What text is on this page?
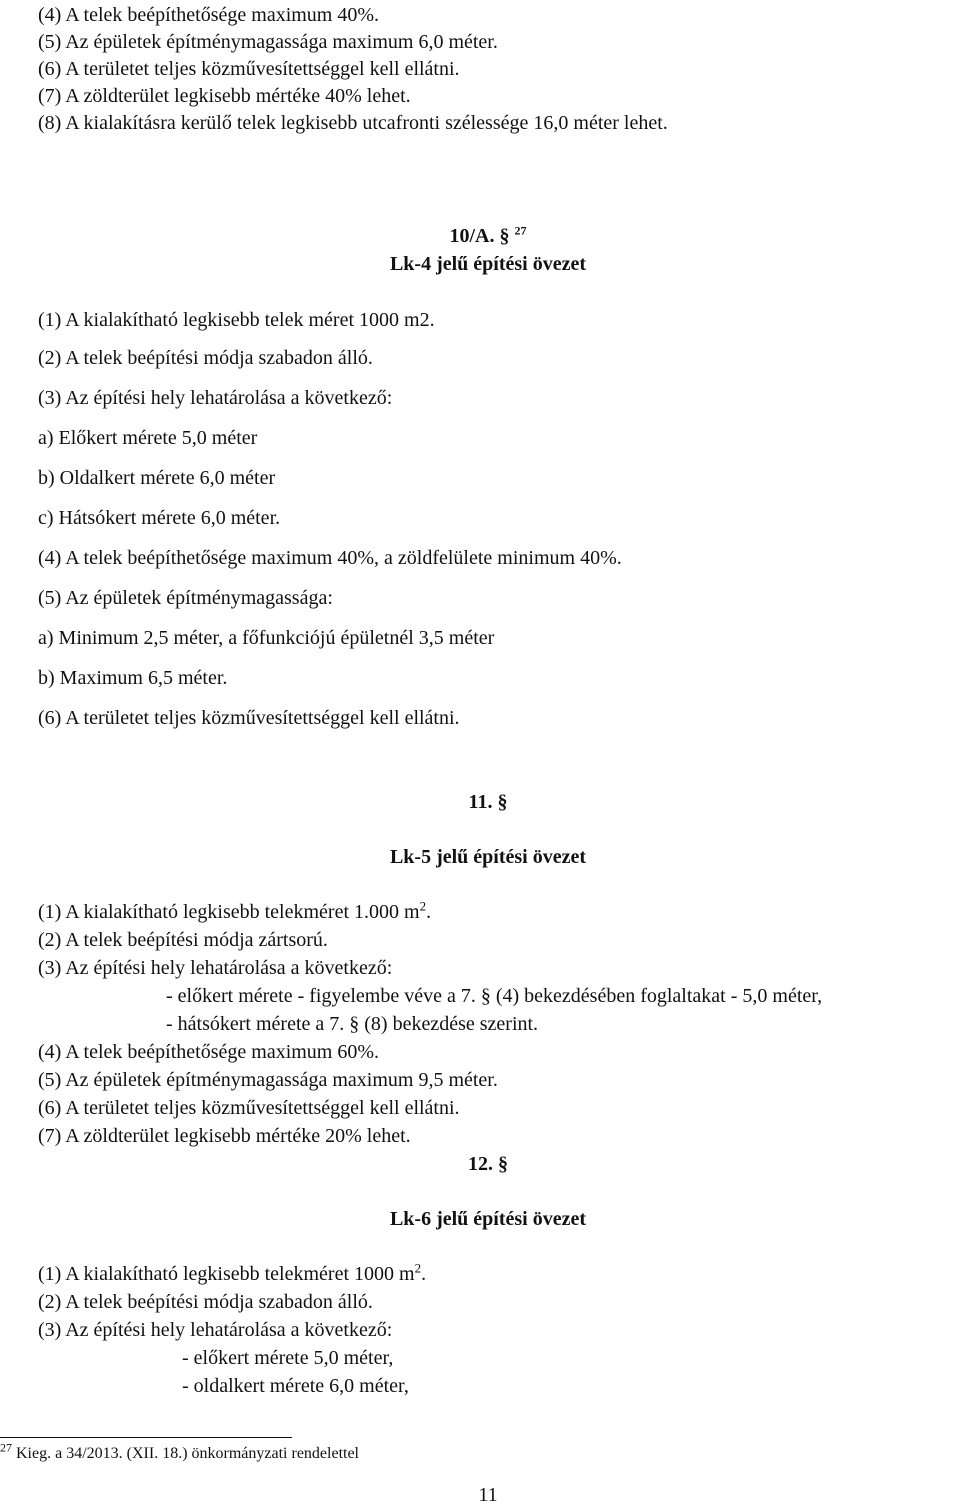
(4) A telek beépíthetősége maximum 40%.
(5) Az épületek építménymagassága maximum 6,0 méter.
(6) A területet teljes közművesítettséggel kell ellátni.
(7) A zöldterület legkisebb mértéke 40% lehet.
(8) A kialakításra kerülő telek legkisebb utcafronti szélessége 16,0 méter lehet.
10/A. § $^{27}$
Lk-4 jelű építési övezet
(1) A kialakítható legkisebb telek méret 1000 m2.
(2) A telek beépítési módja szabadon álló.
(3) Az építési hely lehatárolása a következő:
a) Előkert mérete 5,0 méter
b) Oldalkert mérete 6,0 méter
c) Hátsókert mérete 6,0 méter.
(4) A telek beépíthetősége maximum 40%, a zöldfelülete minimum 40%.
(5) Az épületek építménymagassága:
a) Minimum 2,5 méter, a főfunkciójú épületnél 3,5 méter
b) Maximum 6,5 méter.
(6) A területet teljes közművesítettséggel kell ellátni.
11. §
Lk-5 jelű építési övezet
(1) A kialakítható legkisebb telekméret 1.000 $m^2$.
(2) A telek beépítési módja zártsorú.
(3) Az építési hely lehatárolása a következő:
- előkert mérete - figyelembe véve a 7. § (4) bekezdésében foglaltakat - 5,0 méter,
- hátsókert mérete a 7. § (8) bekezdése szerint.
(4) A telek beépíthetősége maximum 60%.
(5) Az épületek építménymagassága maximum 9,5 méter.
(6) A területet teljes közművesítettséggel kell ellátni.
(7) A zöldterület legkisebb mértéke 20% lehet.
12. §
Lk-6 jelű építési övezet
(1) A kialakítható legkisebb telekméret 1000 $m^2$.
(2) A telek beépítési módja szabadon álló.
(3) Az építési hely lehatárolása a következő:
- előkert mérete 5,0 méter,
- oldalkert mérete 6,0 méter,
$^{27}$ Kieg. a 34/2013. (XII. 18.) önkormányzati rendelettel
11
